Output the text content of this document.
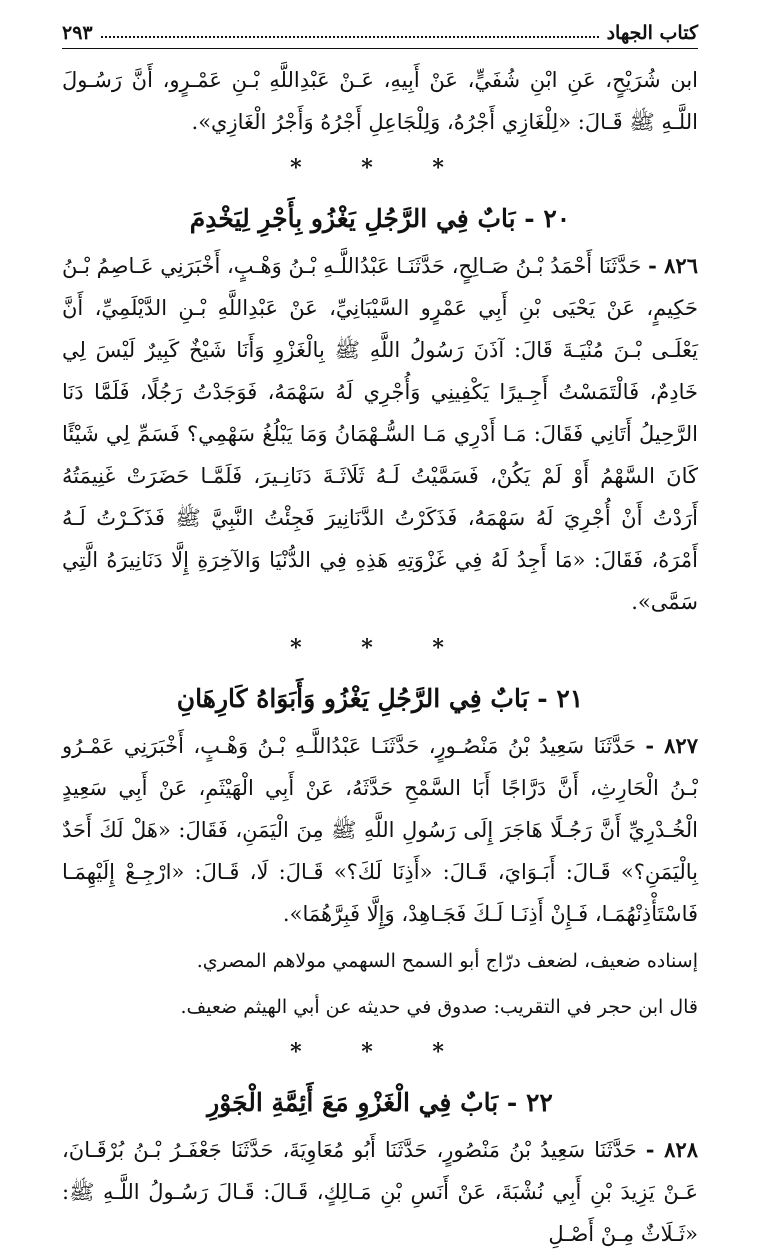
كتاب الجهاد
٢٩٣

ابن شُرَيْحٍ، عَنِ ابْنِ شُفَيٍّ، عَنْ أَبِيهِ، عَـنْ عَبْدِاللَّهِ بْـنِ عَمْـرٍو، أَنَّ رَسُـولَ اللَّـهِ ﷺ قَـالَ: «لِلْغَازِي أَجْرُهُ، وَلِلْجَاعِلِ أَجْرُهُ وَأَجْرُ الْغَازِي».

* * *
٢٠ - بَابٌ فِي الرَّجُلِ يَغْزُو بِأَجْرِ لِيَخْدِمَ

٨٢٦ - حَدَّثَنَا أَحْمَدُ بْـنُ صَـالِحٍ، حَدَّثَنَـا عَبْدُاللَّـهِ بْـنُ وَهْـبٍ، أَخْبَرَنِي عَـاصِمُ بْـنُ حَكِيمٍ، عَنْ يَحْيَى بْنِ أَبِي عَمْرٍو السَّيْبَانِيِّ، عَنْ عَبْدِاللَّهِ بْـنِ الدَّيْلَمِيِّ، أَنَّ يَعْلَـى بْـنَ مُنْيَـةَ قَالَ: آذَنَ رَسُولُ اللَّهِ ﷺ بِالْغَزْوِ وَأَنَا شَيْخٌ كَبِيرٌ لَيْسَ لِي خَادِمٌ، فَالْتَمَسْتُ أَجِـيرًا يَكْفِينِي وَأُجْرِي لَهُ سَهْمَهُ، فَوَجَدْتُ رَجُلًا، فَلَمَّا دَنَا الرَّحِيلُ أَتَانِي فَقَالَ: مَـا أَدْرِي مَـا السُّـهْمَانُ وَمَا يَبْلُغُ سَهْمِي؟ فَسَمِّ لِي شَيْئًا كَانَ السَّهْمُ أَوْ لَمْ يَكُنْ، فَسَمَّيْتُ لَـهُ ثَلَاثَـةَ دَنَانِـيرَ، فَلَمَّـا حَضَرَتْ غَنِيمَتُهُ أَرَدْتُ أَنْ أُجْرِيَ لَهُ سَهْمَهُ، فَذَكَرْتُ الدَّنَانِيرَ فَجِئْتُ النَّبِيَّ ﷺ فَذَكَـرْتُ لَـهُ أَمْرَهُ، فَقَالَ: «مَا أَجِدُ لَهُ فِي غَزْوَتِهِ هَذِهِ فِي الدُّنْيَا وَالآخِرَةِ إِلَّا دَنَانِيرَهُ الَّتِي سَمَّى».

* * *
٢١ - بَابٌ فِي الرَّجُلِ يَغْزُو وَأَبَوَاهُ كَارِهَانِ

٨٢٧ - حَدَّثَنَا سَعِيدُ بْنُ مَنْصُـورٍ، حَدَّثَنَـا عَبْدُاللَّـهِ بْـنُ وَهْـبٍ، أَخْبَرَنِي عَمْـرُو بْـنُ الْحَارِثِ، أَنَّ دَرَّاجًا أَبَا السَّمْحِ حَدَّثَهُ، عَنْ أَبِي الْهَيْثَمِ، عَنْ أَبِي سَعِيدٍ الْخُـدْرِيِّ أَنَّ رَجُـلًا هَاجَرَ إِلَى رَسُولِ اللَّهِ ﷺ مِنَ الْيَمَنِ، فَقَالَ: «هَلْ لَكَ أَحَدٌ بِالْيَمَنِ؟» قَـالَ: أَبَـوَايَ، قَـالَ: «أَذِنَا لَكَ؟» قَـالَ: لَا، قَـالَ: «ارْجِـعْ إِلَيْهِمَـا فَاسْتَأْذِنْهُمَـا، فَـإِنْ أَذِنَـا لَـكَ فَجَـاهِدْ، وَإِلَّا فَبِرَّهُمَا».

إسناده ضعيف، لضعف درّاج أبو السمح السهمي مولاهم المصري.

قال ابن حجر في التقريب: صدوق في حديثه عن أبي الهيثم ضعيف.

* * *
٢٢ - بَابٌ فِي الْغَزْوِ مَعَ أَئِمَّةِ الْجَوْرِ

٨٢٨ - حَدَّثَنَا سَعِيدُ بْنُ مَنْصُورٍ، حَدَّثَنَا أَبُو مُعَاوِيَةَ، حَدَّثَنَا جَعْفَـرُ بْـنُ بُرْقَـانَ، عَـنْ يَزِيدَ بْنِ أَبِي نُشْبَةَ، عَنْ أَنَسِ بْنِ مَـالِكٍ، قَـالَ: قَـالَ رَسُـولُ اللَّـهِ ﷺ: «ثَـلَاثٌ مِـنْ أَصْـلِ
